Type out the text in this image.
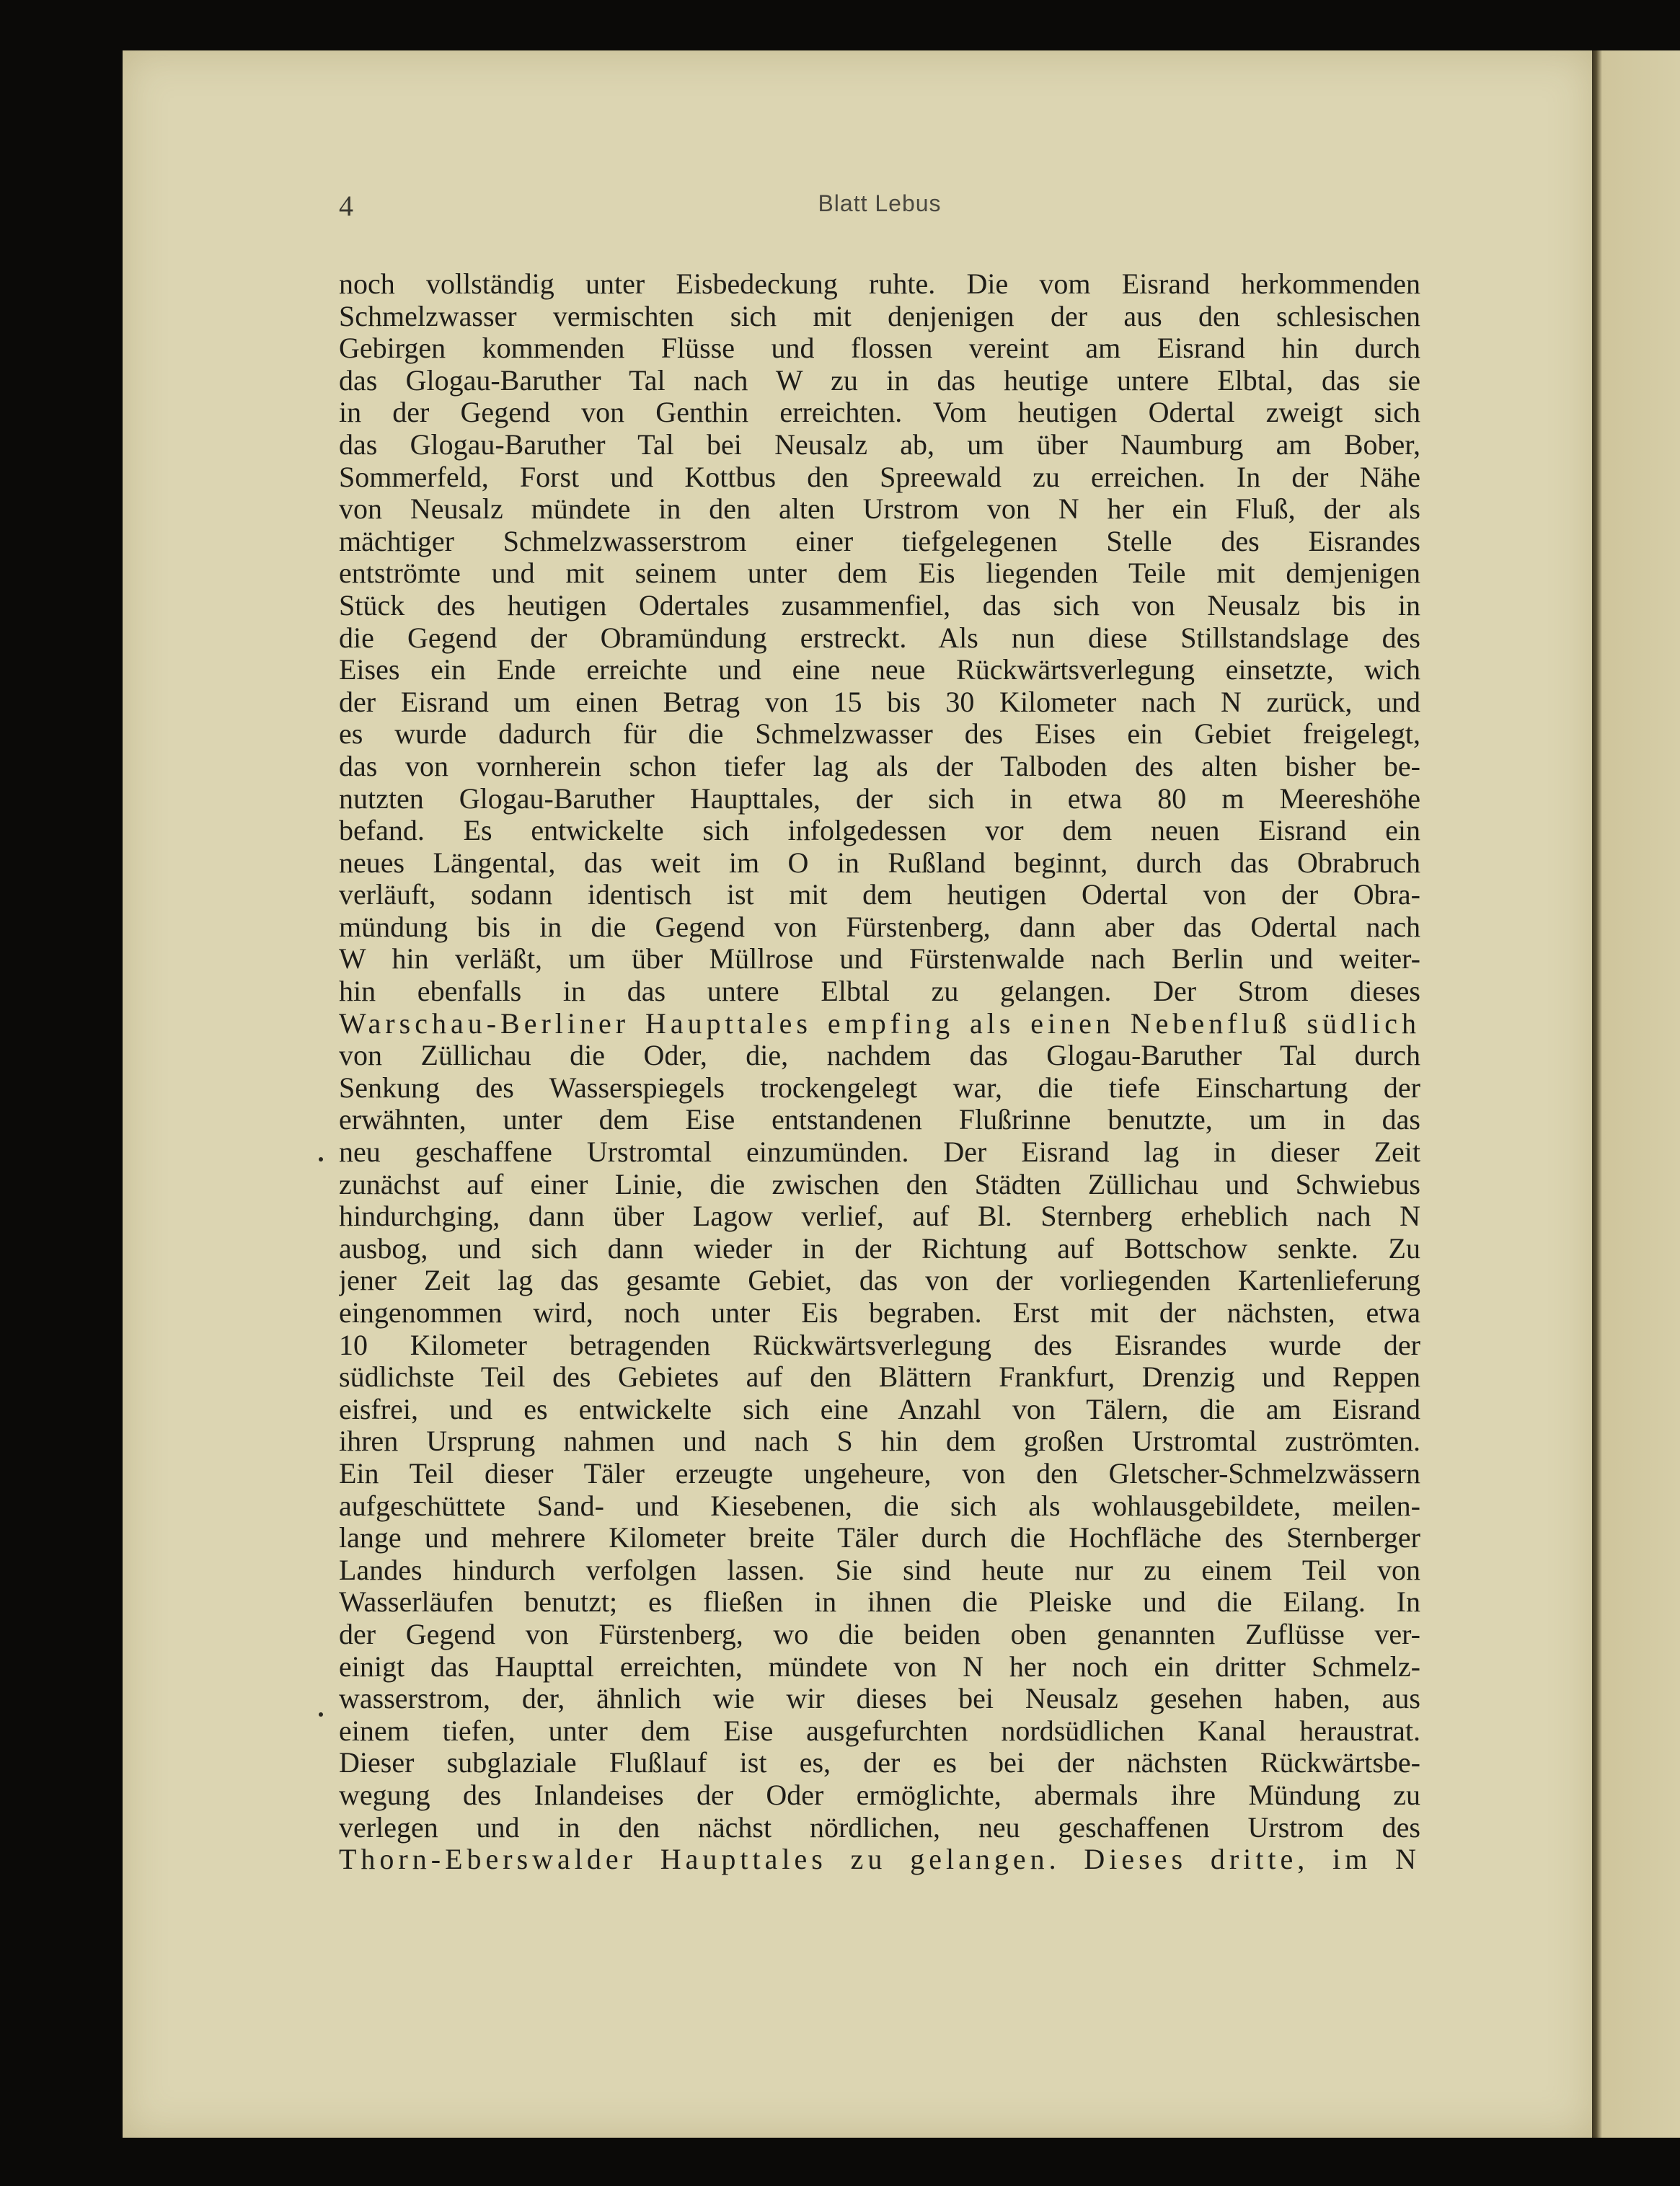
4	Blatt Lebus
noch vollständig unter Eisbedeckung ruhte. Die vom Eisrand herkommenden
Schmelzwasser vermischten sich mit denjenigen der aus den schlesischen
Gebirgen kommenden Flüsse und flossen vereint am Eisrand hin durch
das Glogau-Baruther Tal nach W zu in das heutige untere Elbtal, das sie
in der Gegend von Genthin erreichten. Vom heutigen Odertal zweigt sich
das Glogau-Baruther Tal bei Neusalz ab, um über Naumburg am Bober,
Sommerfeld, Forst und Kottbus den Spreewald zu erreichen. In der Nähe
von Neusalz mündete in den alten Urstrom von N her ein Fluß, der als
mächtiger Schmelzwasserstrom einer tiefgelegenen Stelle des Eisrandes
entströmte und mit seinem unter dem Eis liegenden Teile mit demjenigen
Stück des heutigen Odertales zusammenfiel, das sich von Neusalz bis in
die Gegend der Obramündung erstreckt. Als nun diese Stillstandslage des
Eises ein Ende erreichte und eine neue Rückwärtsverlegung einsetzte, wich
der Eisrand um einen Betrag von 15 bis 30 Kilometer nach N zurück, und
es wurde dadurch für die Schmelzwasser des Eises ein Gebiet freigelegt,
das von vornherein schon tiefer lag als der Talboden des alten bisher be-
nutzten Glogau-Baruther Haupttales, der sich in etwa 80 m Meereshöhe
befand. Es entwickelte sich infolgedessen vor dem neuen Eisrand ein
neues Längental, das weit im O in Rußland beginnt, durch das Obrabruch
verläuft, sodann identisch ist mit dem heutigen Odertal von der Obra-
mündung bis in die Gegend von Fürstenberg, dann aber das Odertal nach
W hin verläßt, um über Müllrose und Fürstenwalde nach Berlin und weiter-
hin ebenfalls in das untere Elbtal zu gelangen. Der Strom dieses
Warschau-Berliner Haupttales empfing als einen Nebenfluß südlich
von Züllichau die Oder, die, nachdem das Glogau-Baruther Tal durch
Senkung des Wasserspiegels trockengelegt war, die tiefe Einschartung der
erwähnten, unter dem Eise entstandenen Flußrinne benutzte, um in das
neu geschaffene Urstromtal einzumünden. Der Eisrand lag in dieser Zeit
zunächst auf einer Linie, die zwischen den Städten Züllichau und Schwiebus
hindurchging, dann über Lagow verlief, auf Bl. Sternberg erheblich nach N
ausbog, und sich dann wieder in der Richtung auf Bottschow senkte. Zu
jener Zeit lag das gesamte Gebiet, das von der vorliegenden Kartenlieferung
eingenommen wird, noch unter Eis begraben. Erst mit der nächsten, etwa
10 Kilometer betragenden Rückwärtsverlegung des Eisrandes wurde der
südlichste Teil des Gebietes auf den Blättern Frankfurt, Drenzig und Reppen
eisfrei, und es entwickelte sich eine Anzahl von Tälern, die am Eisrand
ihren Ursprung nahmen und nach S hin dem großen Urstromtal zuströmten.
Ein Teil dieser Täler erzeugte ungeheure, von den Gletscher-Schmelzwässern
aufgeschüttete Sand- und Kiesebenen, die sich als wohlausgebildete, meilen-
lange und mehrere Kilometer breite Täler durch die Hochfläche des Sternberger
Landes hindurch verfolgen lassen. Sie sind heute nur zu einem Teil von
Wasserläufen benutzt; es fließen in ihnen die Pleiske und die Eilang. In
der Gegend von Fürstenberg, wo die beiden oben genannten Zuflüsse ver-
einigt das Haupttal erreichten, mündete von N her noch ein dritter Schmelz-
wasserstrom, der, ähnlich wie wir dieses bei Neusalz gesehen haben, aus
einem tiefen, unter dem Eise ausgefurchten nordsüdlichen Kanal heraustrat.
Dieser subglaziale Flußlauf ist es, der es bei der nächsten Rückwärtsbe-
wegung des Inlandeises der Oder ermöglichte, abermals ihre Mündung zu
verlegen und in den nächst nördlichen, neu geschaffenen Urstrom des
Thorn-Eberswalder Haupttales zu gelangen. Dieses dritte, im N
